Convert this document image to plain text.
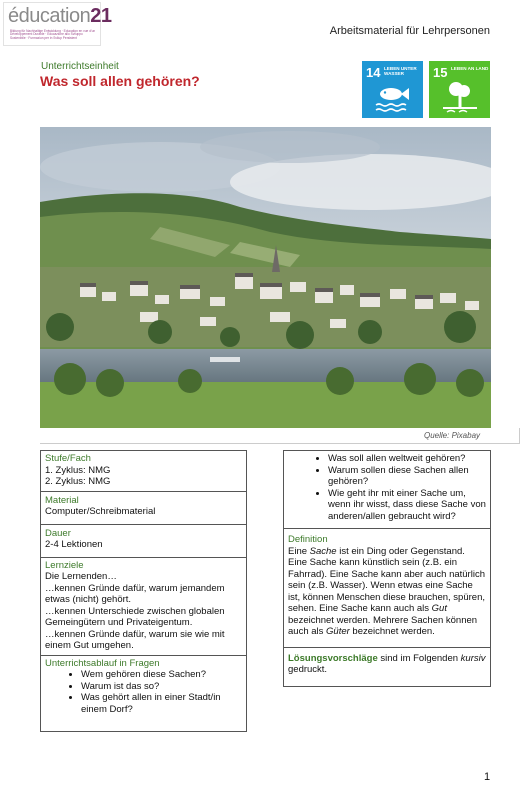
éducation21
Bildung für Nachhaltige Entwicklung · Education en vue d'un Développement Durable · Educazione allo Sviluppo Sostenibile · Furmaziun per in Svilup Persistent
Arbeitsmaterial für Lehrpersonen
Unterrichtseinheit
Was soll allen gehören?
14 LEBEN UNTER WASSER	15 LEBEN AN LAND
Quelle: Pixabay
Stufe/Fach
1. Zyklus: NMG
2. Zyklus: NMG
Material
Computer/Schreibmaterial
Dauer
2-4 Lektionen
Lernziele
Die Lernenden…
…kennen Gründe dafür, warum jemandem etwas (nicht) gehört.
…kennen Unterschiede zwischen globalen Gemeingütern und Privateigentum.
…kennen Gründe dafür, warum sie wie mit einem Gut umgehen.
Unterrichtsablauf in Fragen
• Wem gehören diese Sachen?
• Warum ist das so?
• Was gehört allen in einer Stadt/in einem Dorf?
• Was soll allen weltweit gehören?
• Warum sollen diese Sachen allen gehören?
• Wie geht ihr mit einer Sache um, wenn ihr wisst, dass diese Sache von anderen/allen gebraucht wird?
Definition
Eine Sache ist ein Ding oder Gegenstand. Eine Sache kann künstlich sein (z.B. ein Fahrrad). Eine Sache kann aber auch natürlich sein (z.B. Wasser). Wenn etwas eine Sache ist, können Menschen diese brauchen, spüren, sehen. Eine Sache kann auch als Gut bezeichnet werden. Mehrere Sachen können auch als Güter bezeichnet werden.
Lösungsvorschläge sind im Folgenden kursiv gedruckt.
1
